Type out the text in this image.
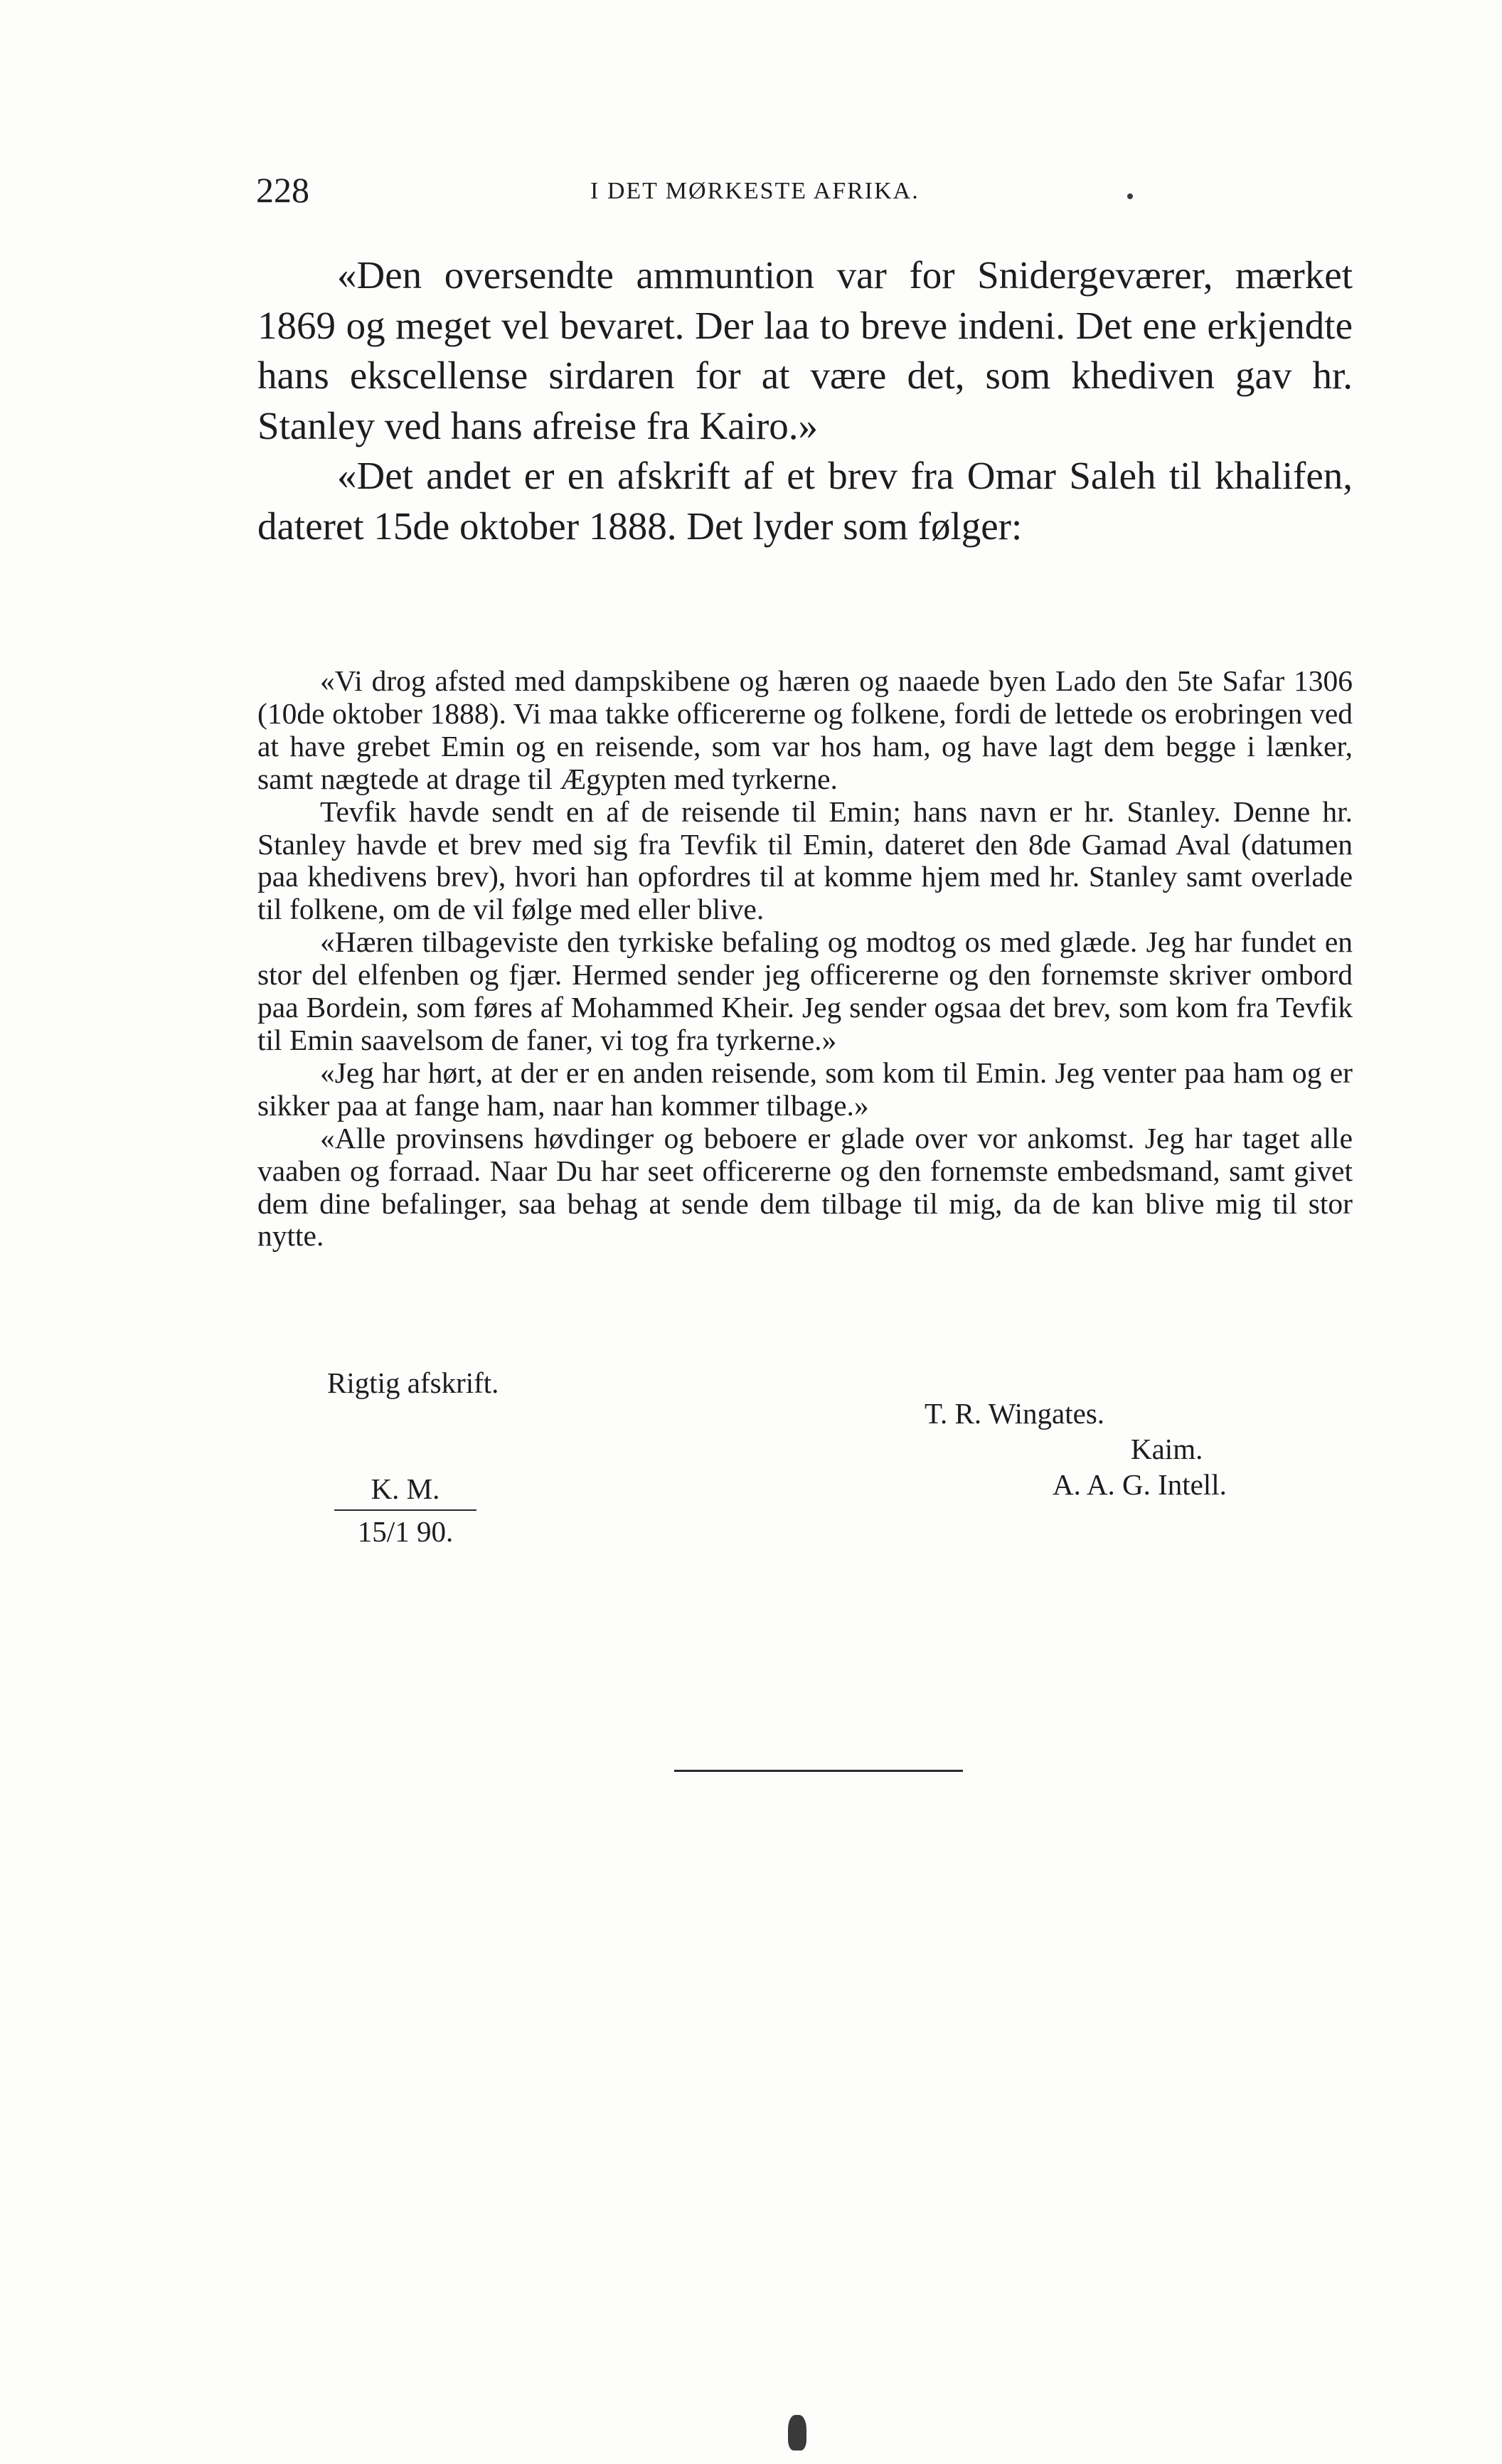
228	I DET MØRKESTE AFRIKA.

«Den oversendte ammuntion var for Snidergeværer, mærket 1869 og meget vel bevaret. Der laa to breve indeni. Det ene erkjendte hans ekscellense sirdaren for at være det, som khediven gav hr. Stanley ved hans afreise fra Kairo.»

«Det andet er en afskrift af et brev fra Omar Saleh til khalifen, dateret 15de oktober 1888. Det lyder som følger:

«Vi drog afsted med dampskibene og hæren og naaede byen Lado den 5te Safar 1306 (10de oktober 1888). Vi maa takke officererne og folkene, fordi de lettede os erobringen ved at have grebet Emin og en reisende, som var hos ham, og have lagt dem begge i lænker, samt nægtede at drage til Ægypten med tyrkerne.

Tevfik havde sendt en af de reisende til Emin; hans navn er hr. Stanley. Denne hr. Stanley havde et brev med sig fra Tevfik til Emin, dateret den 8de Gamad Aval (datumen paa khedivens brev), hvori han opfordres til at komme hjem med hr. Stanley samt overlade til folkene, om de vil følge med eller blive.

«Hæren tilbageviste den tyrkiske befaling og modtog os med glæde. Jeg har fundet en stor del elfenben og fjær. Hermed sender jeg officererne og den fornemste skriver ombord paa Bordein, som føres af Mohammed Kheir. Jeg sender ogsaa det brev, som kom fra Tevfik til Emin saavelsom de faner, vi tog fra tyrkerne.»

«Jeg har hørt, at der er en anden reisende, som kom til Emin. Jeg venter paa ham og er sikker paa at fange ham, naar han kommer tilbage.»

«Alle provinsens høvdinger og beboere er glade over vor ankomst. Jeg har taget alle vaaben og forraad. Naar Du har seet officererne og den fornemste embedsmand, samt givet dem dine befalinger, saa behag at sende dem tilbage til mig, da de kan blive mig til stor nytte.

Rigtig afskrift.
T. R. Wingates.
Kaim.
A. A. G. Intell.
K. M.
15/1 90.
